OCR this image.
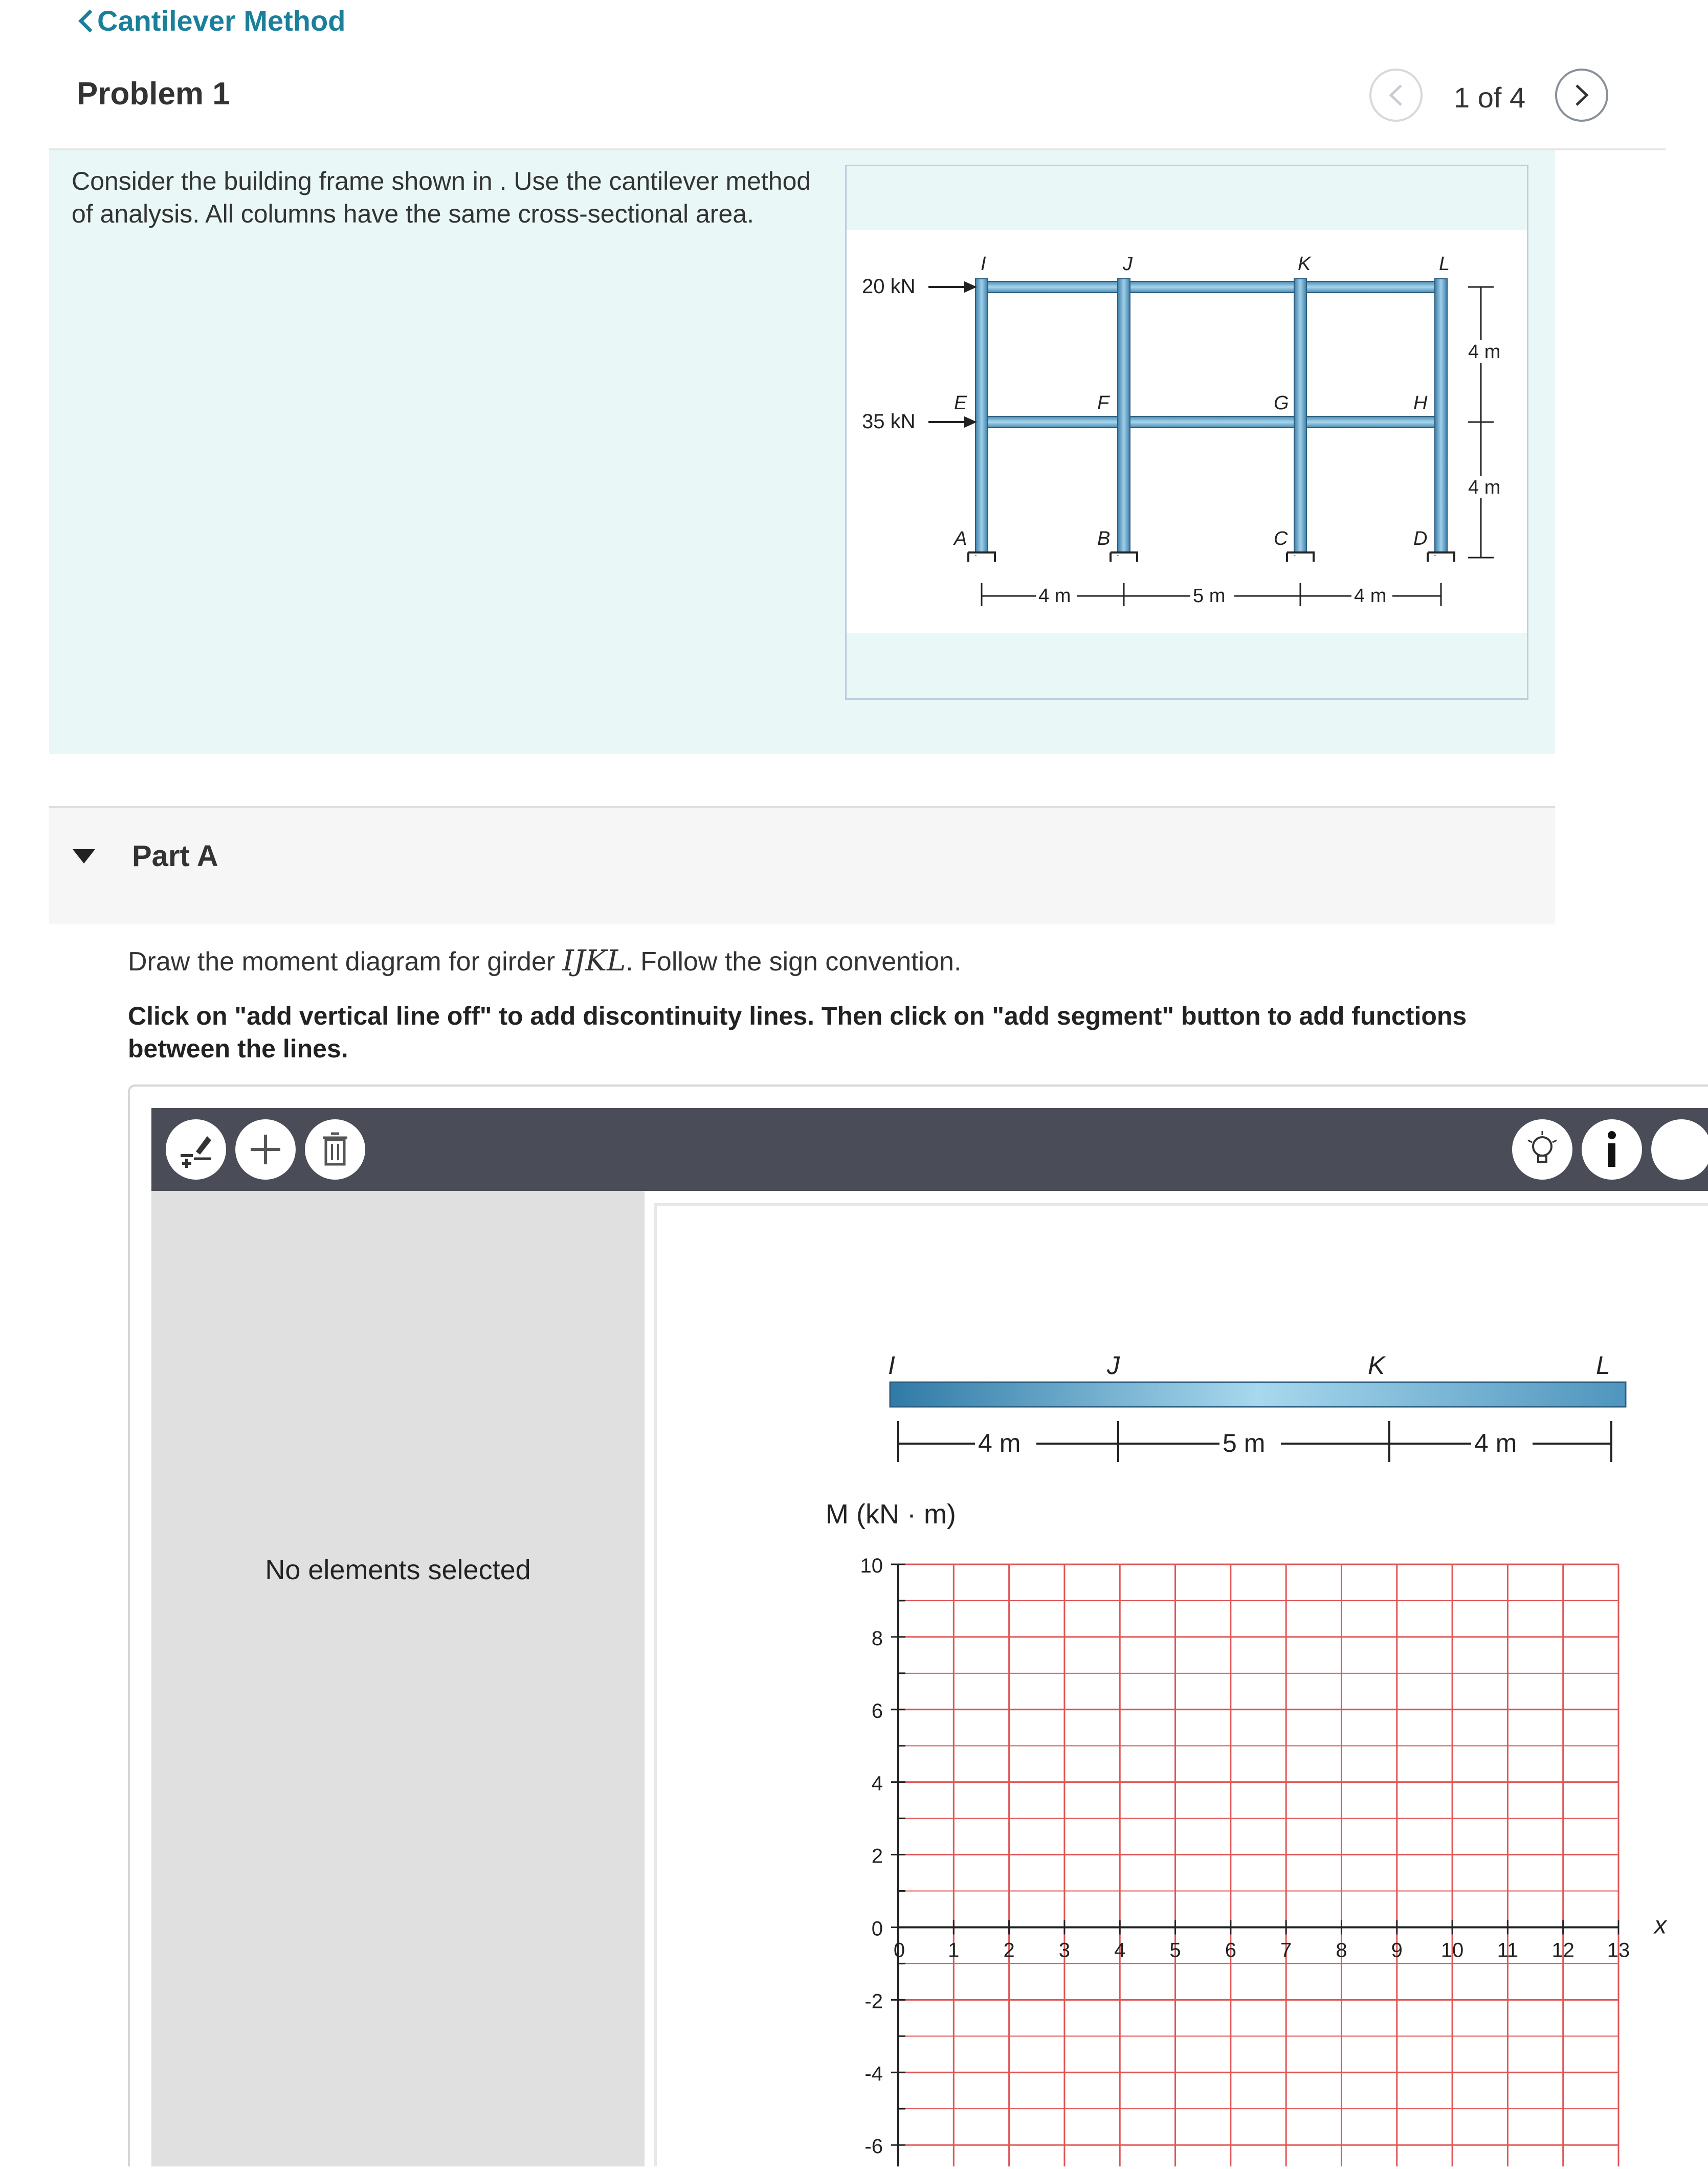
Cantilever Method
Problem 1	1 of 4
Consider the building frame shown in . Use the cantilever method of analysis. All columns have the same cross-sectional area.
20 kN
35 kN
I	J	K	L
E	F	G	H
A	B	C	D
4 m	5 m	4 m
4 m
4 m
Part A
Draw the moment diagram for girder IJKL. Follow the sign convention.
Click on "add vertical line off" to add discontinuity lines. Then click on "add segment" button to add functions between the lines.
No elements selected
I	J	K	L
4 m	5 m	4 m
M (kN · m)
10
8
6
4
2
0
-2
-4
-6
0 1 2 3 4 5 6 7 8 9 10 11 12 13
x
